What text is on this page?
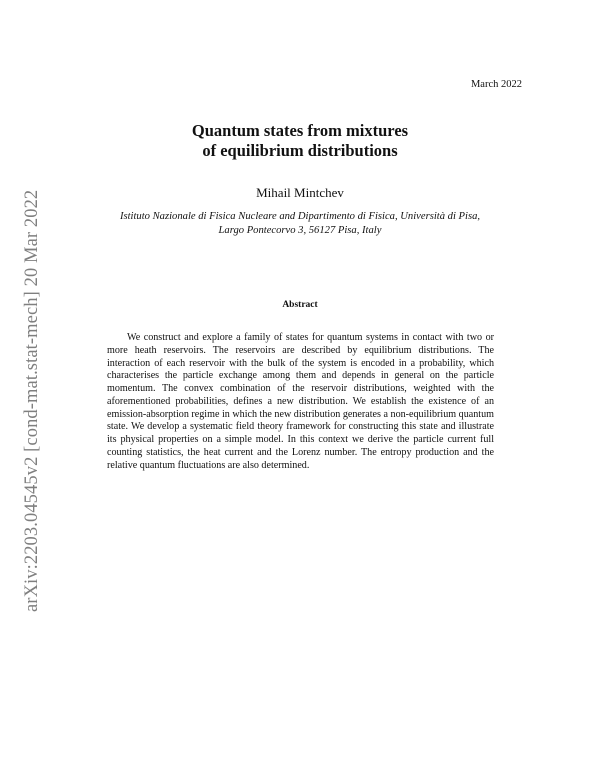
arXiv:2203.04545v2 [cond-mat.stat-mech] 20 Mar 2022
March 2022
Quantum states from mixtures
of equilibrium distributions
Mihail Mintchev
Istituto Nazionale di Fisica Nucleare and Dipartimento di Fisica, Università di Pisa,
Largo Pontecorvo 3, 56127 Pisa, Italy
Abstract
We construct and explore a family of states for quantum systems in contact with two or more heath reservoirs. The reservoirs are described by equilibrium distributions. The interaction of each reservoir with the bulk of the system is encoded in a probability, which characterises the particle exchange among them and depends in general on the particle momentum. The convex combination of the reservoir distributions, weighted with the aforementioned probabilities, defines a new distribution. We establish the existence of an emission-absorption regime in which the new distribution generates a non-equilibrium quantum state. We develop a systematic field theory framework for constructing this state and illustrate its physical properties on a simple model. In this context we derive the particle current full counting statistics, the heat current and the Lorenz number. The entropy production and the relative quantum fluctuations are also determined.
